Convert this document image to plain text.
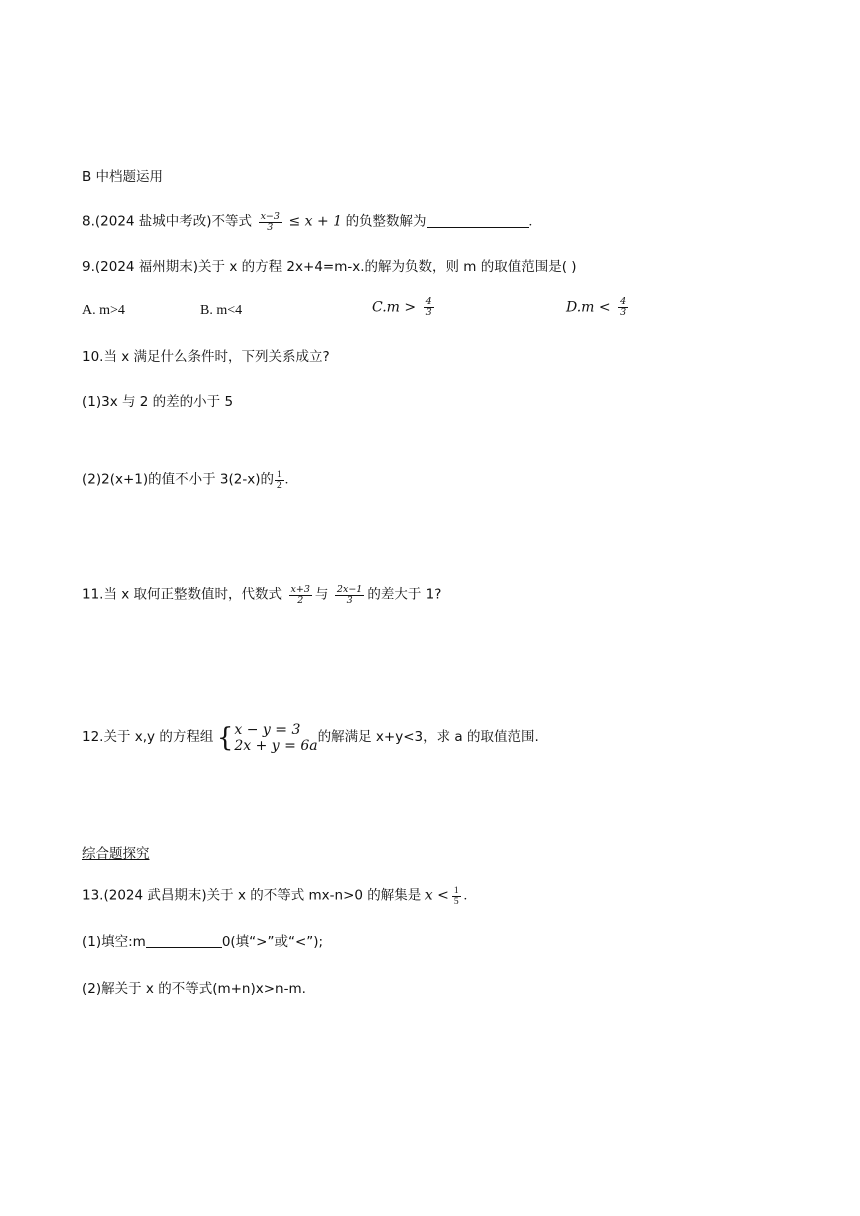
B 中档题运用
8.(2024 盐城中考改)不等式 $\frac{x-3}{3} \le x + 1$ 的负整数解为	.
9.(2024 福州期末)关于 x 的方程 2x+4=m-x.的解为负数，则 m 的取值范围是( )
A. m>4	B. m<4	$C.m > \frac{4}{3}$	$D.m < \frac{4}{3}$
10.当 x 满足什么条件时，下列关系成立?
(1)3x 与 2 的差的小于 5
(2)2(x+1)的值不小于 3(2-x)的 $\frac{1}{2}$ .
11.当 x 取何正整数值时，代数式 $\frac{x+3}{2}$ 与 $\frac{2x-1}{3}$ 的差大于 1?
12.关于 x,y 的方程组 { x − y = 3
2x + y = 6a
的解满足 x+y<3，求 a 的取值范围.
综合题探究
13.(2024 武昌期末)关于 x 的不等式 mx-n>0 的解集是 $x < \frac{1}{5}$ .
(1)填空:m	0(填“>”或“<”);
(2)解关于 x 的不等式(m+n)x>n-m.
